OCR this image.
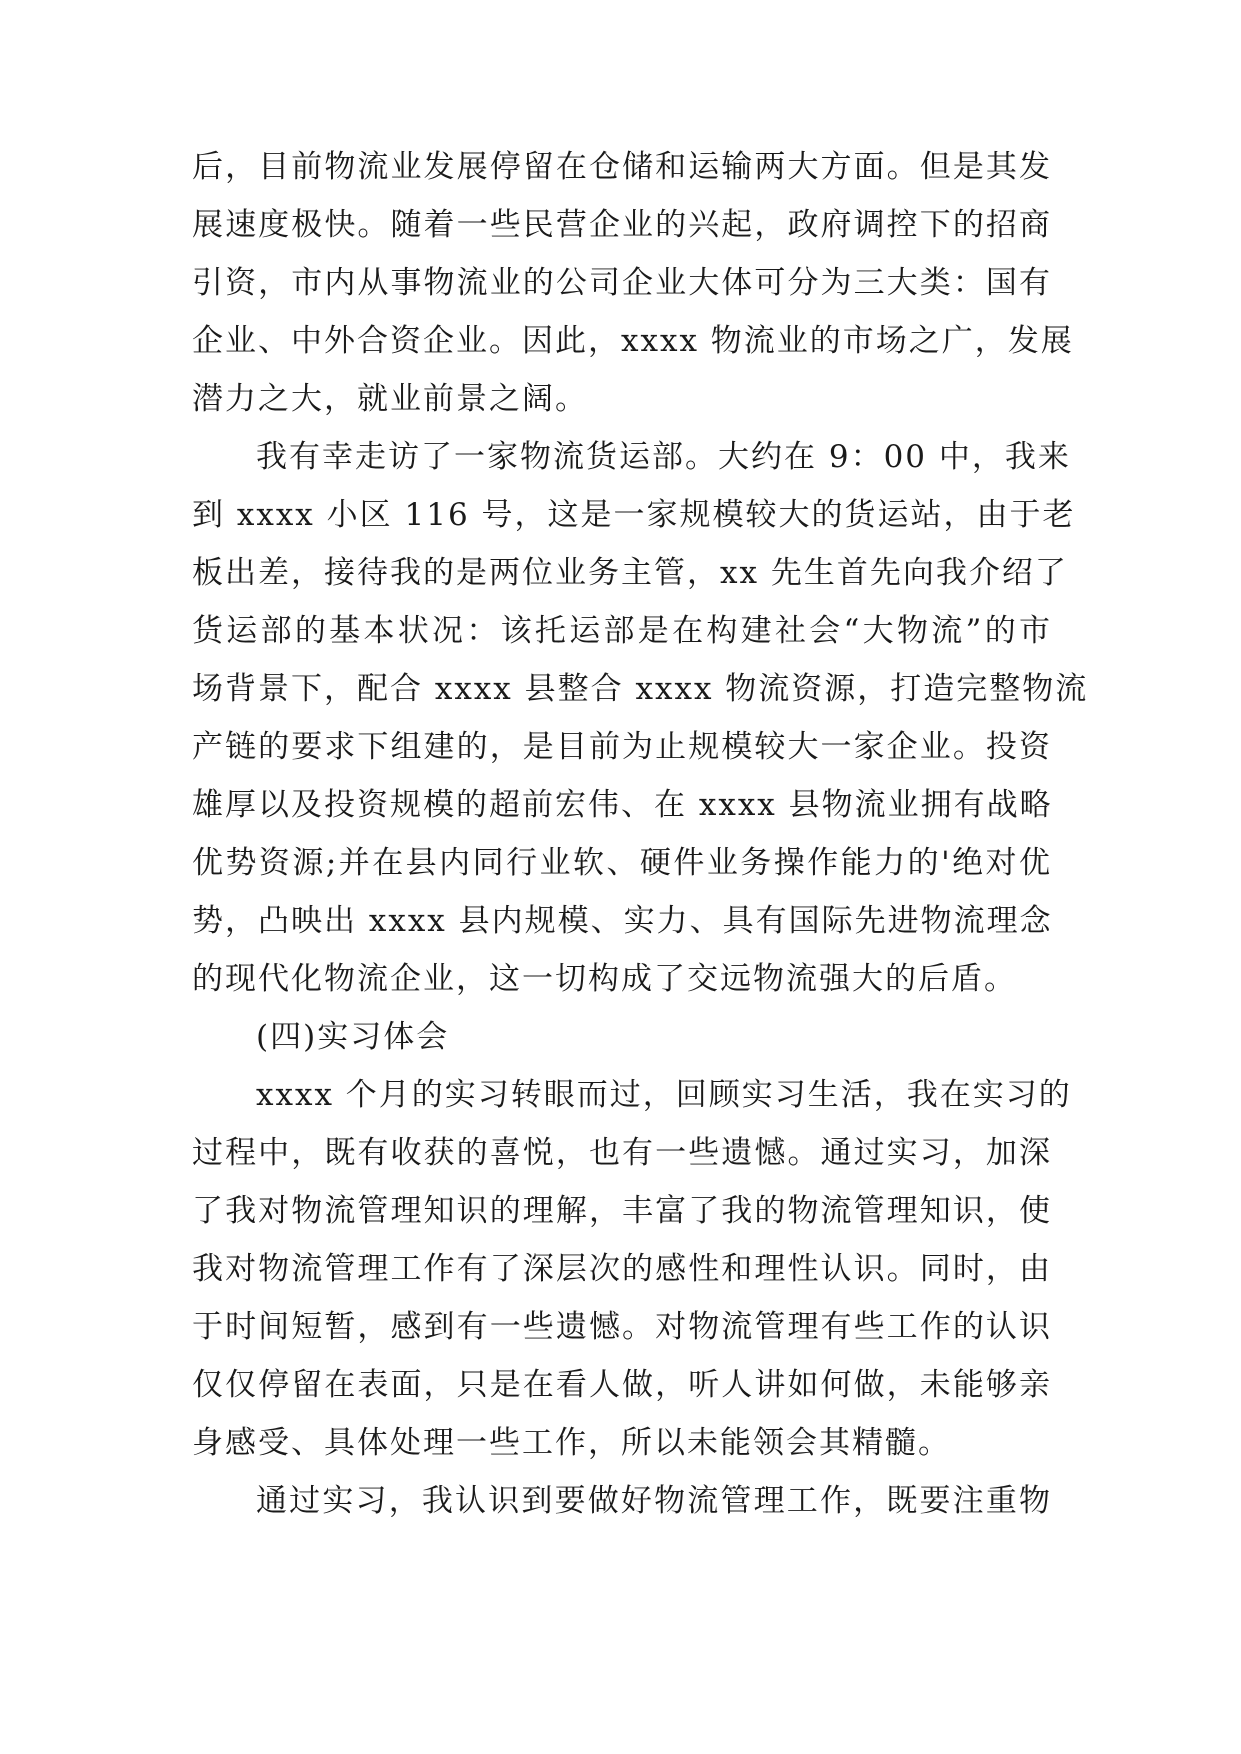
后，目前物流业发展停留在仓储和运输两大方面。但是其发

展速度极快。随着一些民营企业的兴起，政府调控下的招商

引资，市内从事物流业的公司企业大体可分为三大类：国有

企业、中外合资企业。因此，xxxx 物流业的市场之广，发展

潜力之大，就业前景之阔。

我有幸走访了一家物流货运部。大约在 9：00 中，我来

到 xxxx 小区 116 号，这是一家规模较大的货运站，由于老

板出差，接待我的是两位业务主管，xx 先生首先向我介绍了

货运部的基本状况：该托运部是在构建社会“大物流”的市

场背景下，配合 xxxx 县整合 xxxx 物流资源，打造完整物流

产链的要求下组建的，是目前为止规模较大一家企业。投资

雄厚以及投资规模的超前宏伟、在 xxxx 县物流业拥有战略

优势资源;并在县内同行业软、硬件业务操作能力的'绝对优

势，凸映出 xxxx 县内规模、实力、具有国际先进物流理念

的现代化物流企业，这一切构成了交远物流强大的后盾。

(四)实习体会

xxxx 个月的实习转眼而过，回顾实习生活，我在实习的

过程中，既有收获的喜悦，也有一些遗憾。通过实习，加深

了我对物流管理知识的理解，丰富了我的物流管理知识，使

我对物流管理工作有了深层次的感性和理性认识。同时，由

于时间短暂，感到有一些遗憾。对物流管理有些工作的认识

仅仅停留在表面，只是在看人做，听人讲如何做，未能够亲

身感受、具体处理一些工作，所以未能领会其精髓。

通过实习，我认识到要做好物流管理工作，既要注重物
